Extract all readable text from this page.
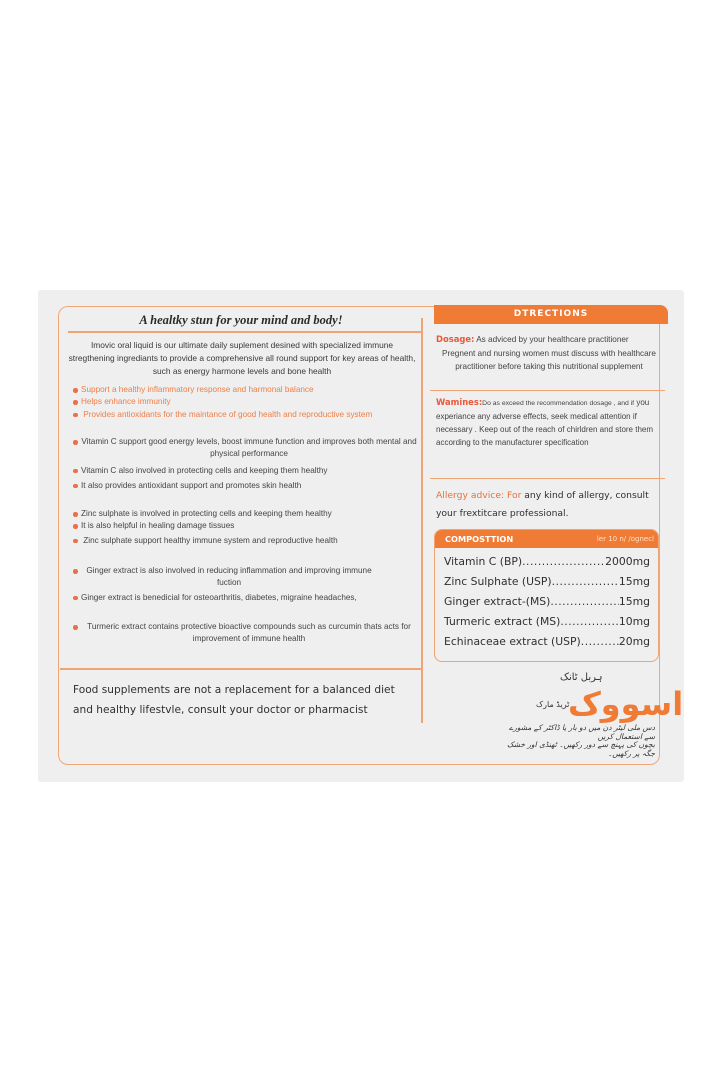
A healtky stun for your mind and body!
Imovic oral liquid is our ultimate daily suplement desined with specialized immune stregthening ingrediants to provide a comprehensive all round support for key areas of health, such as energy harmone levels and bone health
Support a healthy inflammatory response and harmonal balance
Helps enhance immunity
Provides antioxidants for the maintance of good health and reproductive system
Vitamin C support good energy levels, boost immune function and improves both mental and physical performance
Vitamin C also involved in protecting cells and keeping them healthy
It also provides antioxidant support and promotes skin health
Zinc sulphate is involved in protecting cells and keeping them healthy
It is also helpful in healing damage tissues
Zinc sulphate support healthy immune system and reproductive health
Ginger extract is also involved in reducing inflammation and improving immune fuction
Ginger extract is benedicial for osteoarthritis, diabetes, migraine headaches,
Turmeric extract contains protective bioactive compounds such as curcumin thats acts for improvement of immune health
Food supplements are not a replacement for a balanced diet and healthy lifestvle, consult your doctor or pharmacist
DTRECTIONS
Dosage: As adviced by your healthcare practitioner
Pregnent and nursing women must discuss with healthcare practitioner before taking this nutritional supplement
Wamines:Do as exceed the recommendation dosage , and if you experiance any adverse effects, seek medical attention if necessary . Keep out of the reach of chirldren and store them according to the manufacturer specification
Allergy advice: For any kind of allergy, consult your frextitcare professional.
COMPOSTTION	ler 10 n/ /ognecl
Vitamin C (BP) .....	2000mg
Zinc Sulphate (USP) .....	15mg
Ginger extract-(MS) .....	15mg
Turmeric extract (MS) .....	10mg
Echinaceae extract (USP) .....	20mg
ہربل ٹانک
ٹریڈ مارک
اسووک
دس ملی لیٹر دن میں دو بار یا ڈاکٹر کے مشورے سے استعمال کریں
بچوں کی پہنچ سے دور رکھیں۔ ٹھنڈی اور خشک جگہ پر رکھیں۔
